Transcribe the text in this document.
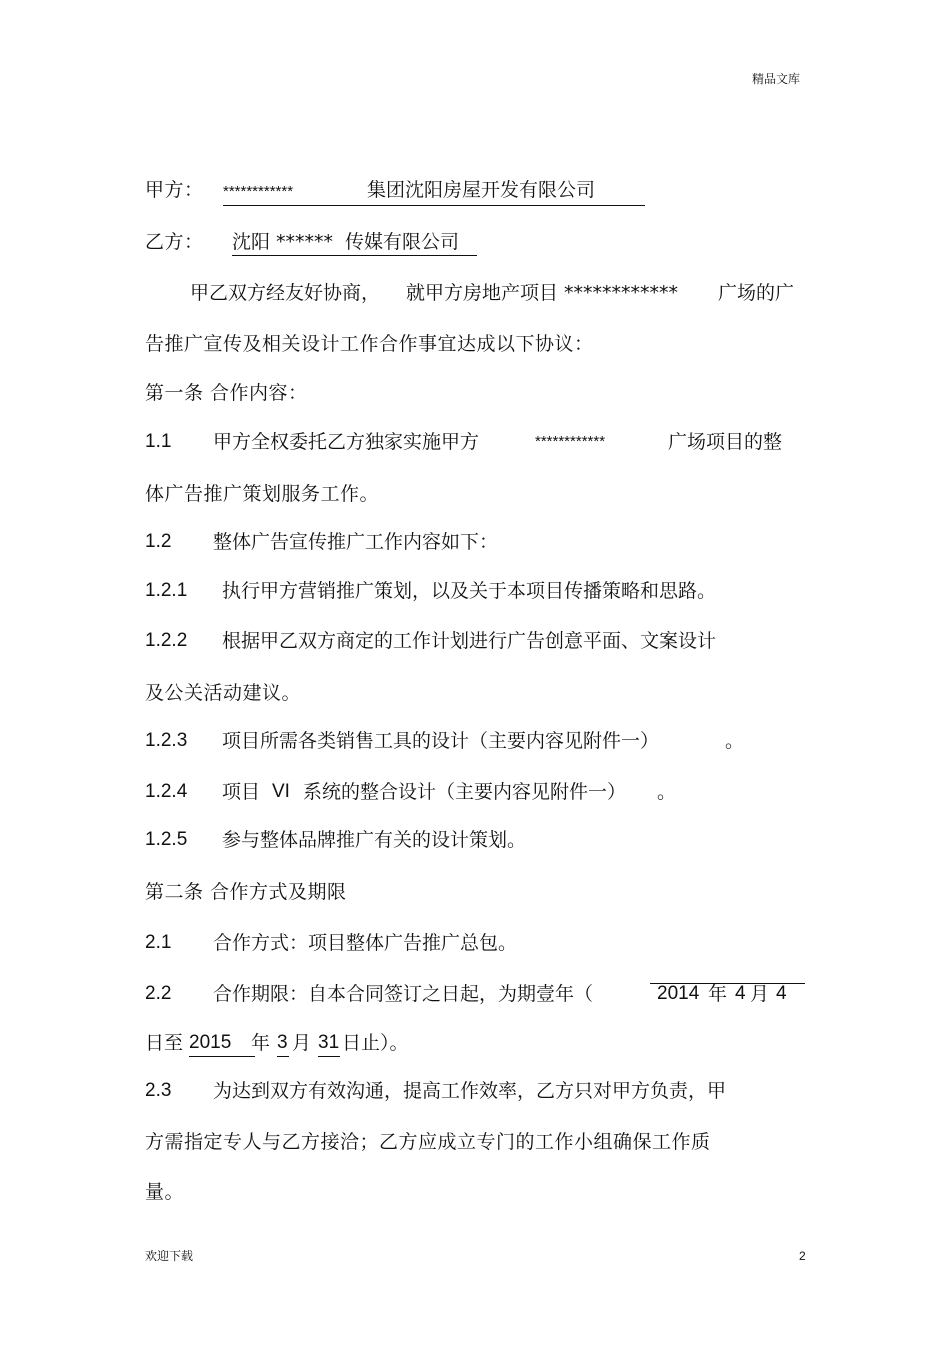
精品文库
甲方： ************	集团沈阳房屋开发有限公司
乙方： 沈阳 ****** 传媒有限公司
甲乙双方经友好协商， 就甲方房地产项目 ************ 广场的广
告推广宣传及相关设计工作合作事宜达成以下协议：
第一条 合作内容：
1.1 甲方全权委托乙方独家实施甲方	************	广场项目的整
体广告推广策划服务工作。
1.2 整体广告宣传推广工作内容如下：
1.2.1 执行甲方营销推广策划，以及关于本项目传播策略和思路。
1.2.2 根据甲乙双方商定的工作计划进行广告创意平面、文案设计
及公关活动建议。
1.2.3 项目所需各类销售工具的设计（主要内容见附件一）	。
1.2.4 项目 VI 系统的整合设计（主要内容见附件一） 。
1.2.5 参与整体品牌推广有关的设计策划。
第二条 合作方式及期限
2.1 合作方式：项目整体广告推广总包。
2.2 合作期限：自本合同签订之日起，为期壹年（	2014 年 4 月 4
日至 2015	年 3 月 31 日止）。
2.3 为达到双方有效沟通，提高工作效率，乙方只对甲方负责，甲
方需指定专人与乙方接洽；乙方应成立专门的工作小组确保工作质
量。
欢迎下载	2
